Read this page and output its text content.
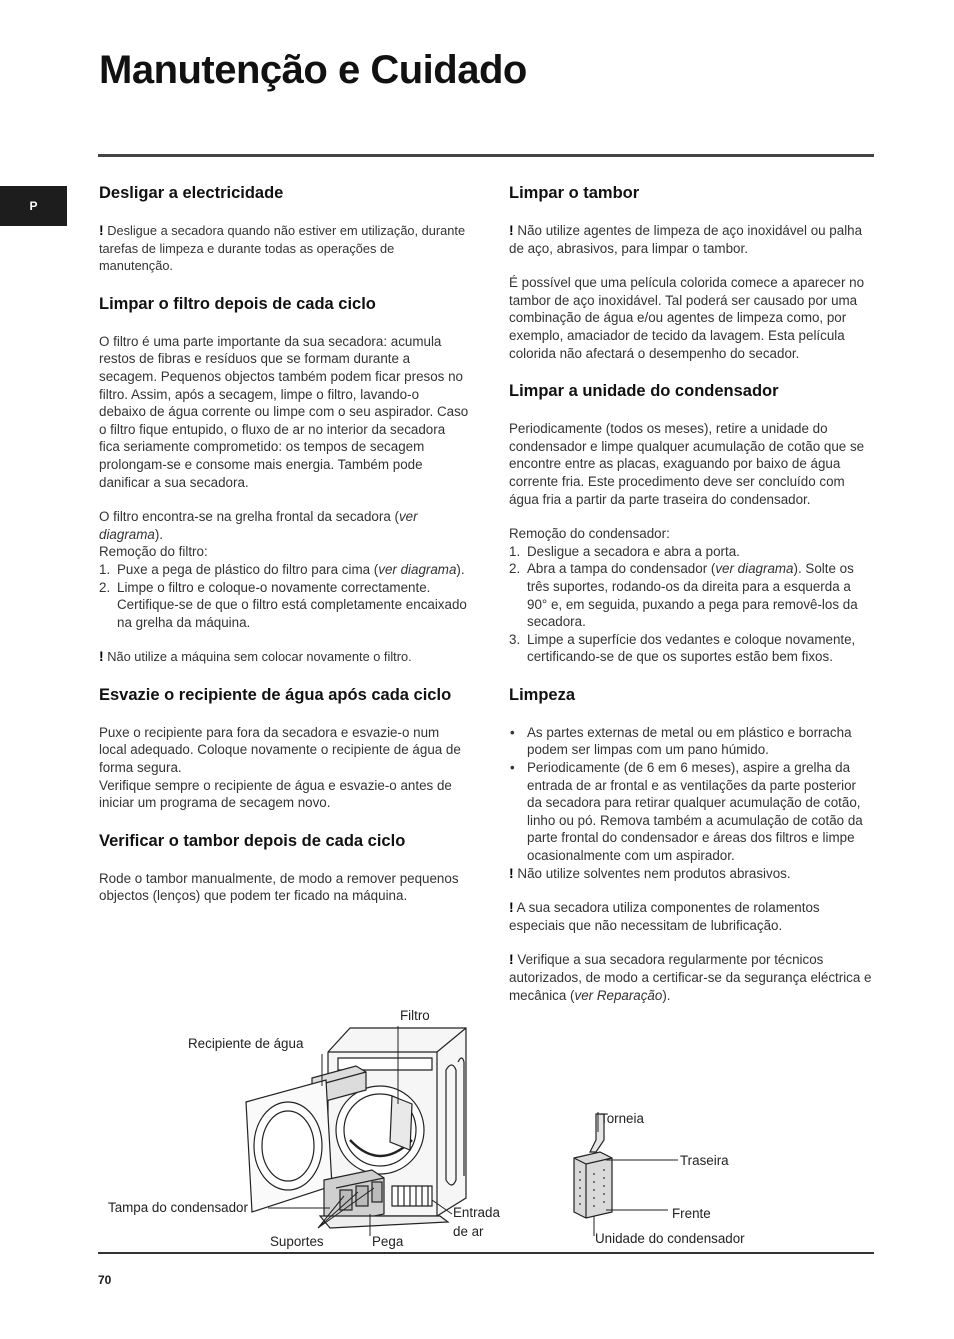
Manutenção e Cuidado
P
Desligar a electricidade

! Desligue a secadora quando não estiver em utilização, durante tarefas de limpeza e durante todas as operações de manutenção.

Limpar o filtro depois de cada ciclo

O filtro é uma parte importante da sua secadora: acumula restos de fibras e resíduos que se formam durante a secagem. Pequenos objectos também podem ficar presos no filtro. Assim, após a secagem, limpe o filtro, lavando-o debaixo de água corrente ou limpe com o seu aspirador. Caso o filtro fique entupido, o fluxo de ar no interior da secadora fica seriamente comprometido: os tempos de secagem prolongam-se e consome mais energia. Também pode danificar a sua secadora.

O filtro encontra-se na grelha frontal da secadora (ver diagrama).

Remoção do filtro:

1. Puxe a pega de plástico do filtro para cima (ver diagrama).
2. Limpe o filtro e coloque-o novamente correctamente.
Certifique-se de que o filtro está completamente encaixado na grelha da máquina.

! Não utilize a máquina sem colocar novamente o filtro.

Esvazie o recipiente de água após cada ciclo

Puxe o recipiente para fora da secadora e esvazie-o num local adequado. Coloque novamente o recipiente de água de forma segura.

Verifique sempre o recipiente de água e esvazie-o antes de iniciar um programa de secagem novo.

Verificar o tambor depois de cada ciclo

Rode o tambor manualmente, de modo a remover pequenos objectos (lenços) que podem ter ficado na máquina.

Limpar o tambor

! Não utilize agentes de limpeza de aço inoxidável ou palha de aço, abrasivos, para limpar o tambor.

É possível que uma película colorida comece a aparecer no tambor de aço inoxidável. Tal poderá ser causado por uma combinação de água e/ou agentes de limpeza como, por exemplo, amaciador de tecido da lavagem. Esta película colorida não afectará o desempenho do secador.

Limpar a unidade do condensador

Periodicamente (todos os meses), retire a unidade do condensador e limpe qualquer acumulação de cotão que se encontre entre as placas, exaguando por baixo de água corrente fria. Este procedimento deve ser concluído com água fria a partir da parte traseira do condensador.

Remoção do condensador:

1. Desligue a secadora e abra a porta.
2. Abra a tampa do condensador (ver diagrama). Solte os três suportes, rodando-os da direita para a esquerda a 90° e, em seguida, puxando a pega para removê-los da secadora.
3. Limpe a superfície dos vedantes e coloque novamente, certificando-se de que os suportes estão bem fixos.
Limpeza
• As partes externas de metal ou em plástico e borracha podem ser limpas com um pano húmido.
• Periodicamente (de 6 em 6 meses), aspire a grelha da entrada de ar frontal e as ventilações da parte posterior da secadora para retirar qualquer acumulação de cotão, linho ou pó. Remova também a acumulação de cotão da parte frontal do condensador e áreas dos filtros e limpe ocasionalmente com um aspirador.

! Não utilize solventes nem produtos abrasivos.

! A sua secadora utiliza componentes de rolamentos especiais que não necessitam de lubrificação.

! Verifique a sua secadora regularmente por técnicos autorizados, de modo a certificar-se da segurança eléctrica e mecânica (ver Reparação).

Filtro
Recipiente de água
Tampa do condensador
Suportes	Pega
Entrada
de ar
Torneia
Traseira
Frente
Unidade do condensador
70
